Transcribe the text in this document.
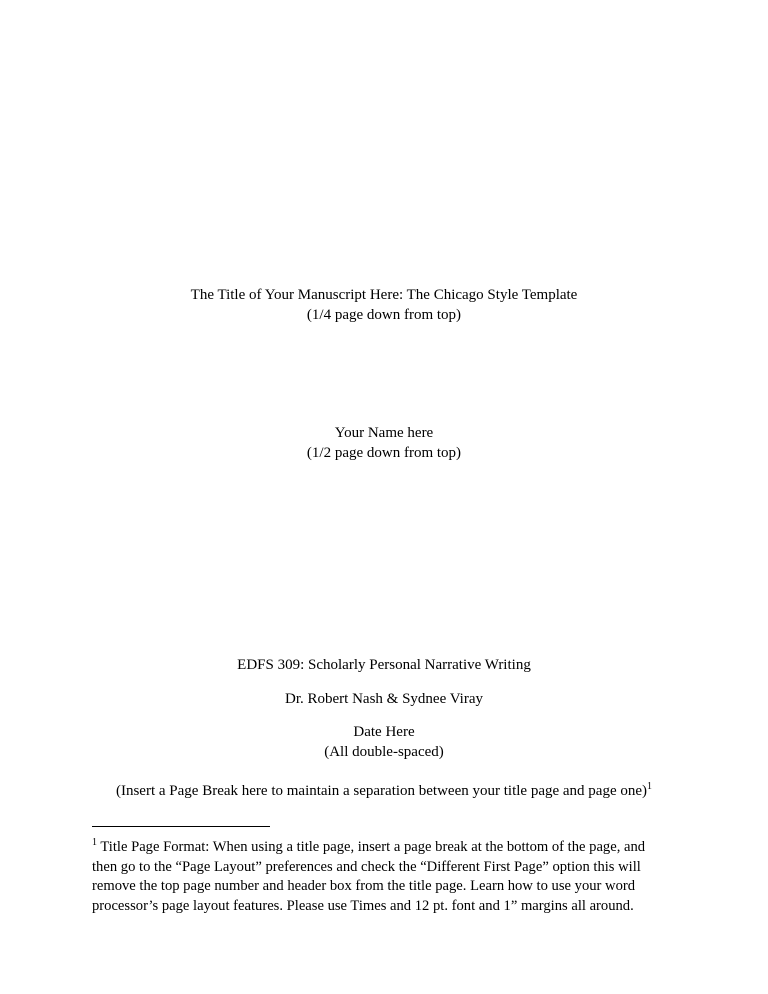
The Title of Your Manuscript Here: The Chicago Style Template
(1/4 page down from top)
Your Name here
(1/2 page down from top)
EDFS 309: Scholarly Personal Narrative Writing
Dr. Robert Nash & Sydnee Viray
Date Here
(All double-spaced)
(Insert a Page Break here to maintain a separation between your title page and page one)$^1$
$^1$ Title Page Format: When using a title page, insert a page break at the bottom of the page, and
then go to the “Page Layout” preferences and check the “Different First Page” option this will
remove the top page number and header box from the title page. Learn how to use your word
processor’s page layout features. Please use Times and 12 pt. font and 1” margins all around.
